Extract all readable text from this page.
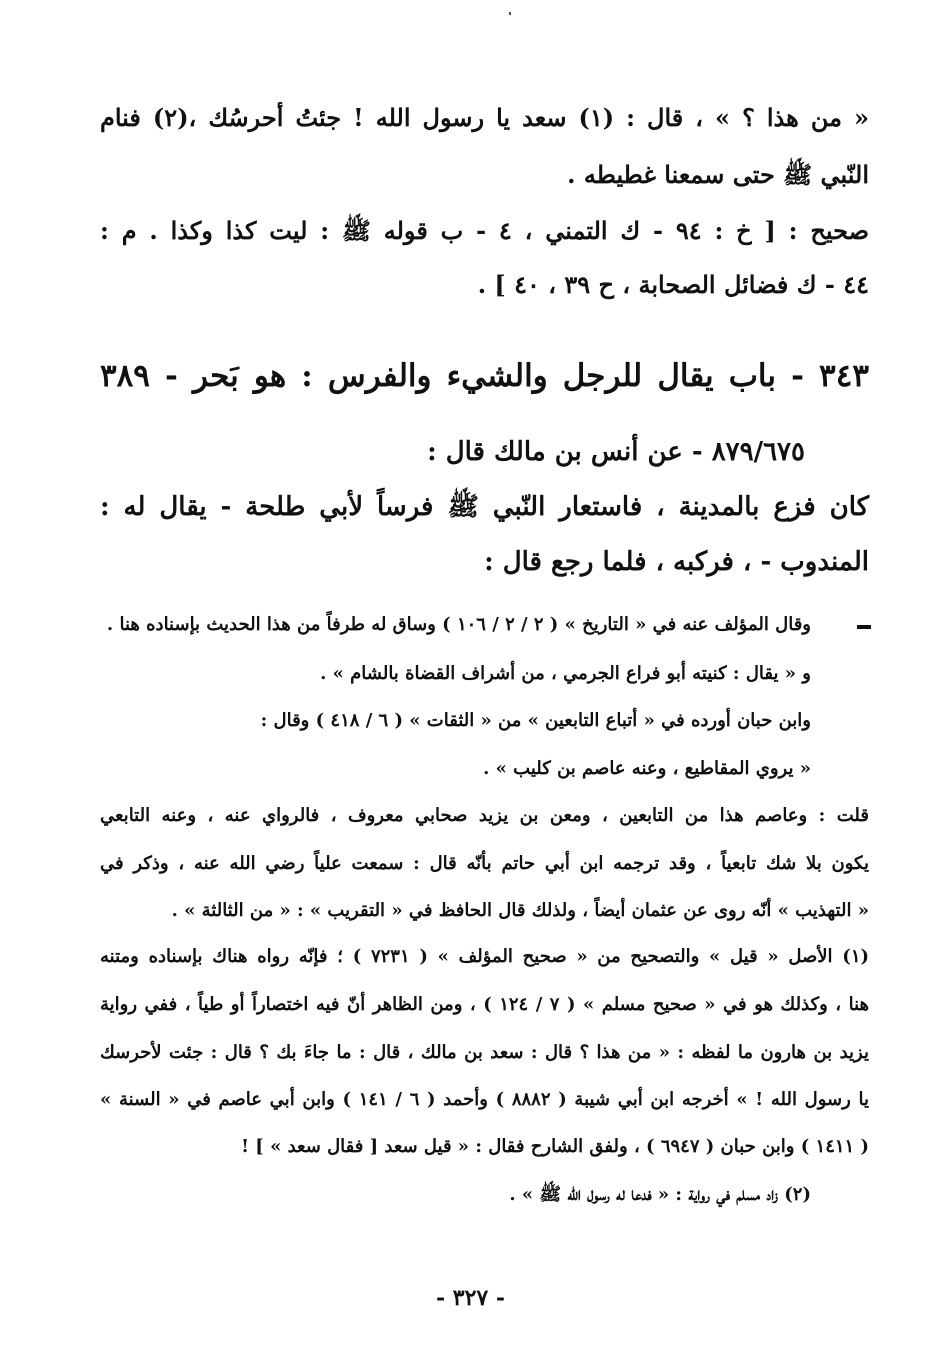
« من هذا ؟ » ، قال : (١) سعد يا رسول الله ! جئتُ أحرسُك ،(٢) فنام
النّبي ﷺ حتى سمعنا غطيطه .
صحيح : [ خ : ٩٤ - ك التمني ، ٤ - ب قوله ﷺ : ليت كذا وكذا . م :
٤٤ - ك فضائل الصحابة ، ح ٣٩ ، ٤٠ ] .
٣٤٣ - باب يقال للرجل والشيء والفرس : هو بَحر - ٣٨٩
٨٧٩/٦٧٥ - عن أنس بن مالك قال :
كان فزع بالمدينة ، فاستعار النّبي ﷺ فرساً لأبي طلحة - يقال له :
المندوب - ، فركبه ، فلما رجع قال :
وقال المؤلف عنه في « التاريخ » ( ٢ / ٢ / ١٠٦ ) وساق له طرفاً من هذا الحديث بإسناده هنا .
و « يقال : كنيته أبو فراع الجرمي ، من أشراف القضاة بالشام » .
وابن حبان أورده في « أتباع التابعين » من « الثقات » ( ٦ / ٤١٨ ) وقال :
« يروي المقاطيع ، وعنه عاصم بن كليب » .
قلت : وعاصم هذا من التابعين ، ومعن بن يزيد صحابي معروف ، فالرواي عنه ، وعنه التابعي
يكون بلا شك تابعياً ، وقد ترجمه ابن أبي حاتم بأنّه قال : سمعت علياً رضي الله عنه ، وذكر في
« التهذيب » أنّه روى عن عثمان أيضاً ، ولذلك قال الحافظ في « التقريب » : « من الثالثة » .
(١) الأصل « قيل » والتصحيح من « صحيح المؤلف » ( ٧٢٣١ ) ؛ فإنّه رواه هناك بإسناده ومتنه
هنا ، وكذلك هو في « صحيح مسلم » ( ٧ / ١٢٤ ) ، ومن الظاهر أنّ فيه اختصاراً أو طياً ، ففي رواية
يزيد بن هارون ما لفظه : « من هذا ؟ قال : سعد بن مالك ، قال : ما جاءَ بك ؟ قال : جئت لأحرسك
يا رسول الله ! » أخرجه ابن أبي شيبة ( ٨٨٨٢ ) وأحمد ( ٦ / ١٤١ ) وابن أبي عاصم في « السنة »
( ١٤١١ ) وابن حبان ( ٦٩٤٧ ) ، ولفق الشارح فقال : « قيل سعد [ فقال سعد » ] !
(٢) زاد مسلم في رواية : « فدعا له رسول الله ﷺ » .
- ٣٢٧ -
